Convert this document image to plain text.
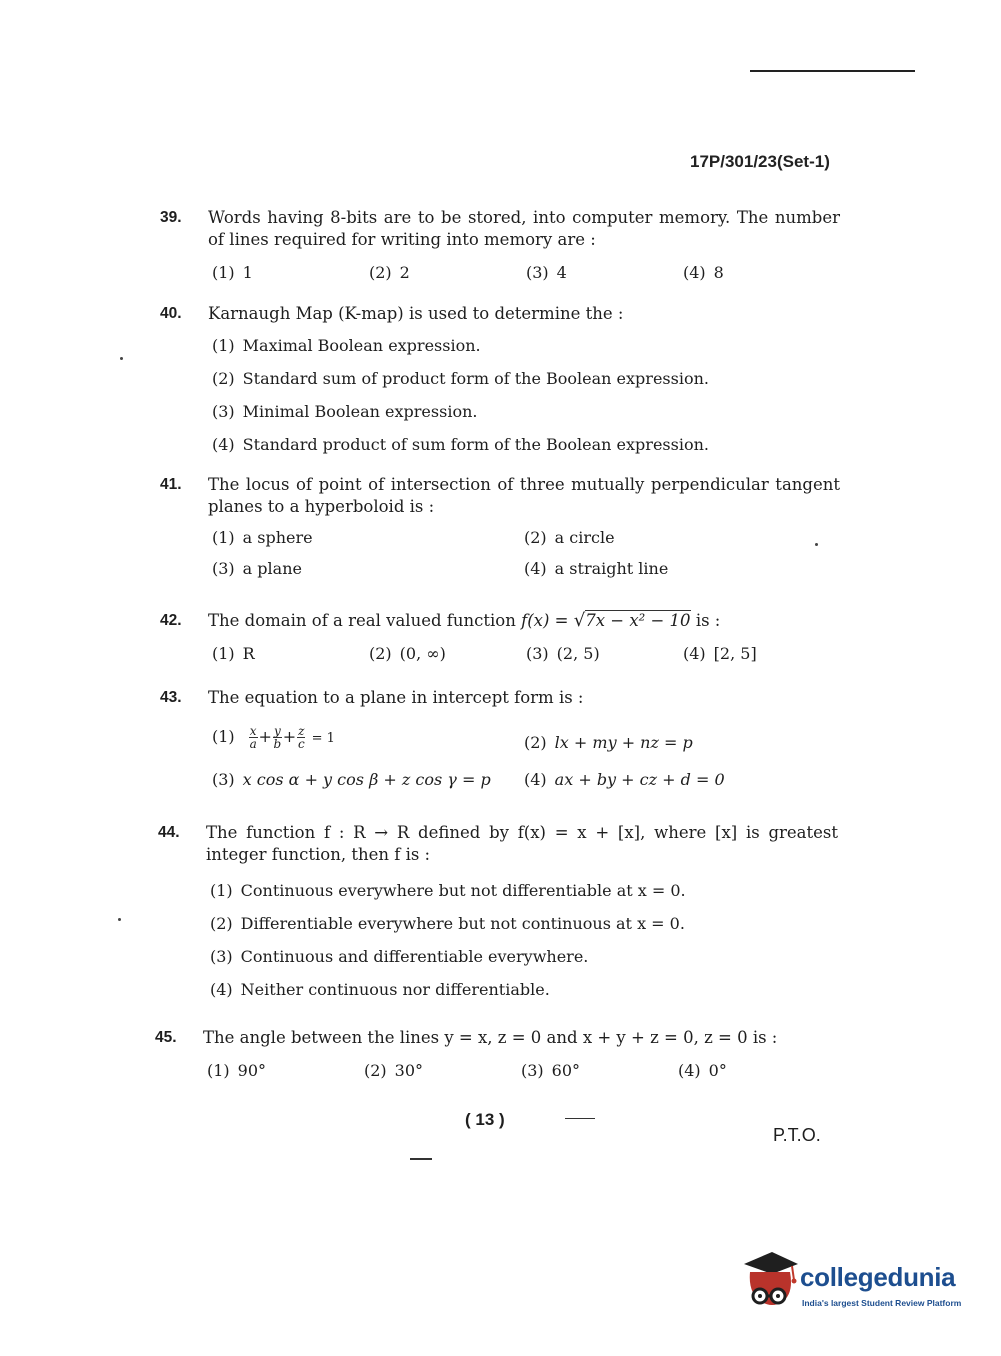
17P/301/23(Set-1)
39.	Words having 8-bits are to be stored, into computer memory. The number of lines required for writing into memory are :
(1) 1	(2) 2	(3) 4	(4) 8
40.	Karnaugh Map (K-map) is used to determine the :
(1) Maximal Boolean expression.
(2) Standard sum of product form of the Boolean expression.
(3) Minimal Boolean expression.
(4) Standard product of sum form of the Boolean expression.
41.	The locus of point of intersection of three mutually perpendicular tangent planes to a hyperboloid is :
(1) a sphere	(2) a circle
(3) a plane	(4) a straight line
42.	The domain of a real valued function f(x) = √7x − x² − 10 is :
(1) R	(2) (0, ∞)	(3) (2, 5)	(4) [2, 5]
43.	The equation to a plane in intercept form is :
$(1) \frac{x}{a} + \frac{y}{b} + \frac{z}{c} = 1$	(2) lx + my + nz = p
(3) x cos α + y cos β + z cos γ = p	(4) ax + by + cz + d = 0
44.	The function f : R → R defined by f(x) = x + [x], where [x] is greatest integer function, then f is :
(1) Continuous everywhere but not differentiable at x = 0.
(2) Differentiable everywhere but not continuous at x = 0.
(3) Continuous and differentiable everywhere.
(4) Neither continuous nor differentiable.
45.	The angle between the lines y = x, z = 0 and x + y + z = 0, z = 0 is :
(1) 90°	(2) 30°	(3) 60°	(4) 0°
( 13 )
P.T.O.
collegedunia
India's largest Student Review Platform
